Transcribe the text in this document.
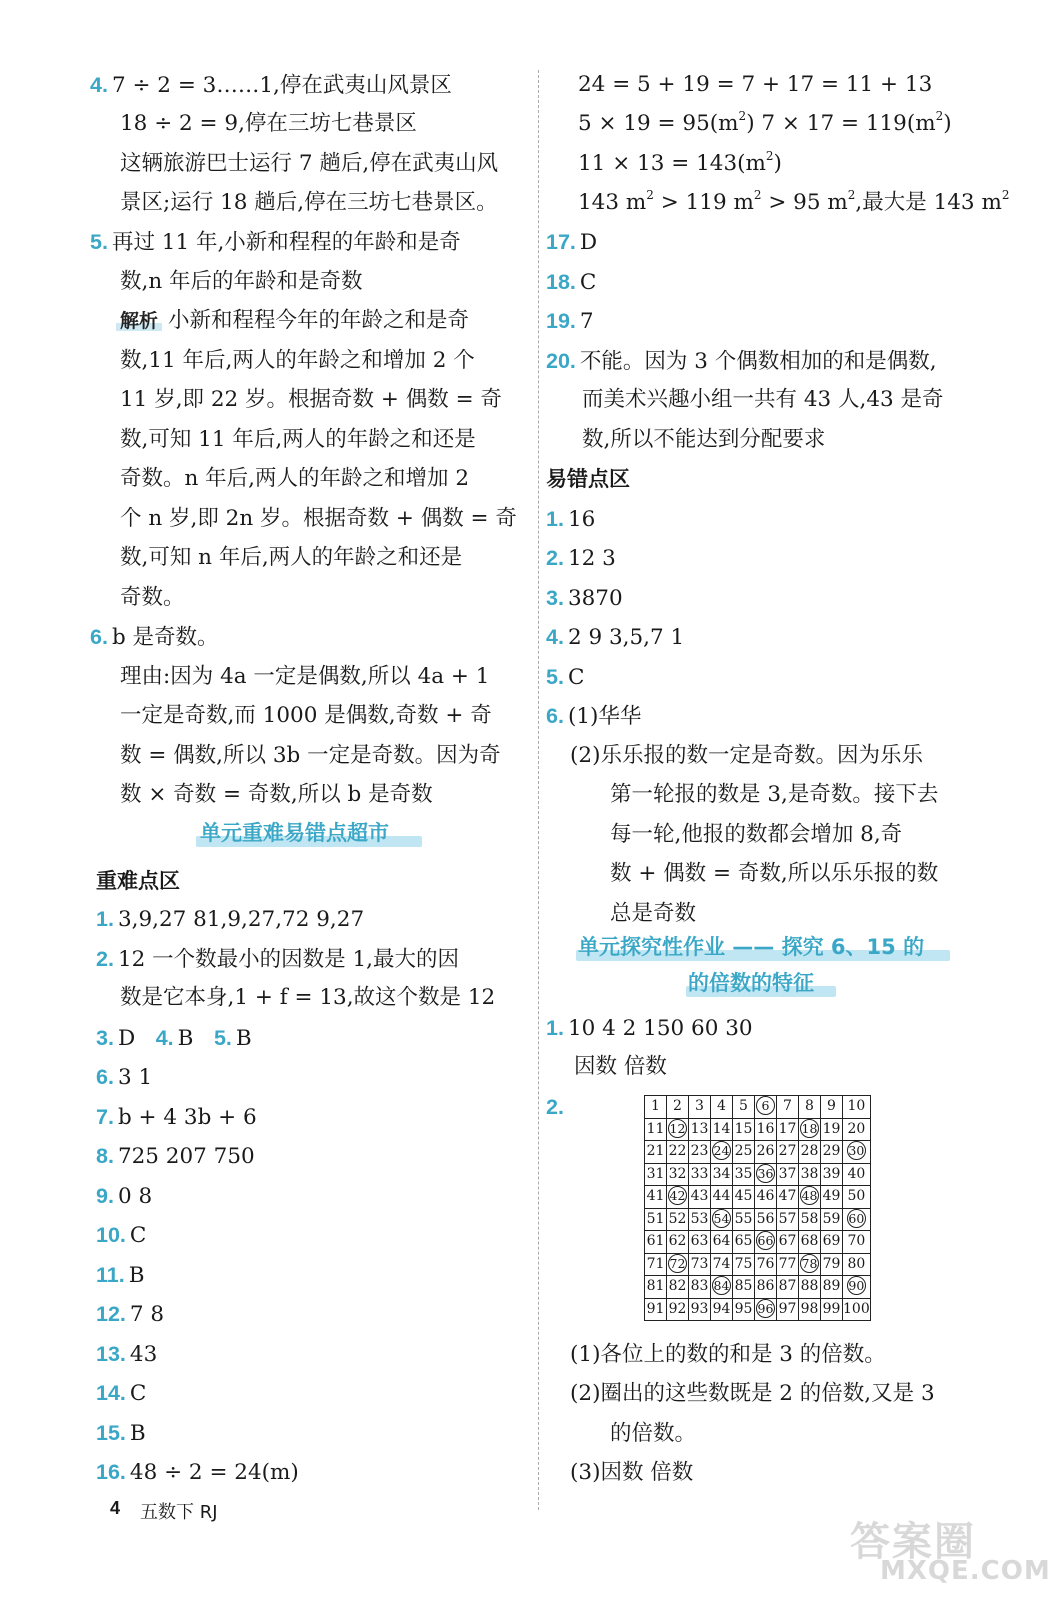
4. 7 ÷ 2 = 3……1,停在武夷山风景区
18 ÷ 2 = 9,停在三坊七巷景区
这辆旅游巴士运行 7 趟后,停在武夷山风
景区;运行 18 趟后,停在三坊七巷景区。
5. 再过 11 年,小新和程程的年龄和是奇
数,n 年后的年龄和是奇数
解析 小新和程程今年的年龄之和是奇
数,11 年后,两人的年龄之和增加 2 个
11 岁,即 22 岁。根据奇数 + 偶数 = 奇
数,可知 11 年后,两人的年龄之和还是
奇数。n 年后,两人的年龄之和增加 2
个 n 岁,即 2n 岁。根据奇数 + 偶数 = 奇
数,可知 n 年后,两人的年龄之和还是
奇数。
6. b 是奇数。
理由:因为 4a 一定是偶数,所以 4a + 1
一定是奇数,而 1000 是偶数,奇数 + 奇
数 = 偶数,所以 3b 一定是奇数。因为奇
数 × 奇数 = 奇数,所以 b 是奇数
单元重难易错点超市
重难点区
1. 3,9,27 81,9,27,72 9,27
2. 12 一个数最小的因数是 1,最大的因
数是它本身,1 + f = 13,故这个数是 12
3. D 4. B 5. B
6. 3 1
7. b + 4 3b + 6
8. 725 207 750
9. 0 8
10. C
11. B
12. 7 8
13. 43
14. C
15. B
16. 48 ÷ 2 = 24(m)
24 = 5 + 19 = 7 + 17 = 11 + 13
$5 \times 19 = 95(m^2) 7 \times 17 = 119(m^2)$
$11 \times 13 = 143(m^2)$
143 $m^2 > 119$ $m^2 > 95$ $m^2$,最大是 143 $m^2$
17. D
18. C
19. 7
20. 不能。因为 3 个偶数相加的和是偶数,
而美术兴趣小组一共有 43 人,43 是奇
数,所以不能达到分配要求
易错点区
1. 16
2. 12 3
3. 3870
4. 2 9 3,5,7 1
5. C
6. (1)华华
(2)乐乐报的数一定是奇数。因为乐乐
第一轮报的数是 3,是奇数。接下去
每一轮,他报的数都会增加 8,奇
数 + 偶数 = 奇数,所以乐乐报的数
总是奇数
单元探究性作业 —— 探究 6、15 的
的倍数的特征
1. 10 4 2 150 60 30
因数 倍数
2.
(1)各位上的数的和是 3 的倍数。
(2)圈出的这些数既是 2 的倍数,又是 3
的倍数。
(3)因数 倍数
1	2	3	4	5	6	7	8	9	10
11	12	13	14	15	16	17	18	19	20
21	22	23	24	25	26	27	28	29	30
31	32	33	34	35	36	37	38	39	40
41	42	43	44	45	46	47	48	49	50
51	52	53	54	55	56	57	58	59	60
61	62	63	64	65	66	67	68	69	70
71	72	73	74	75	76	77	78	79	80
81	82	83	84	85	86	87	88	89	90
91	92	93	94	95	96	97	98	99	100
4 五数下 RJ
答案圈
MXQE.COM
